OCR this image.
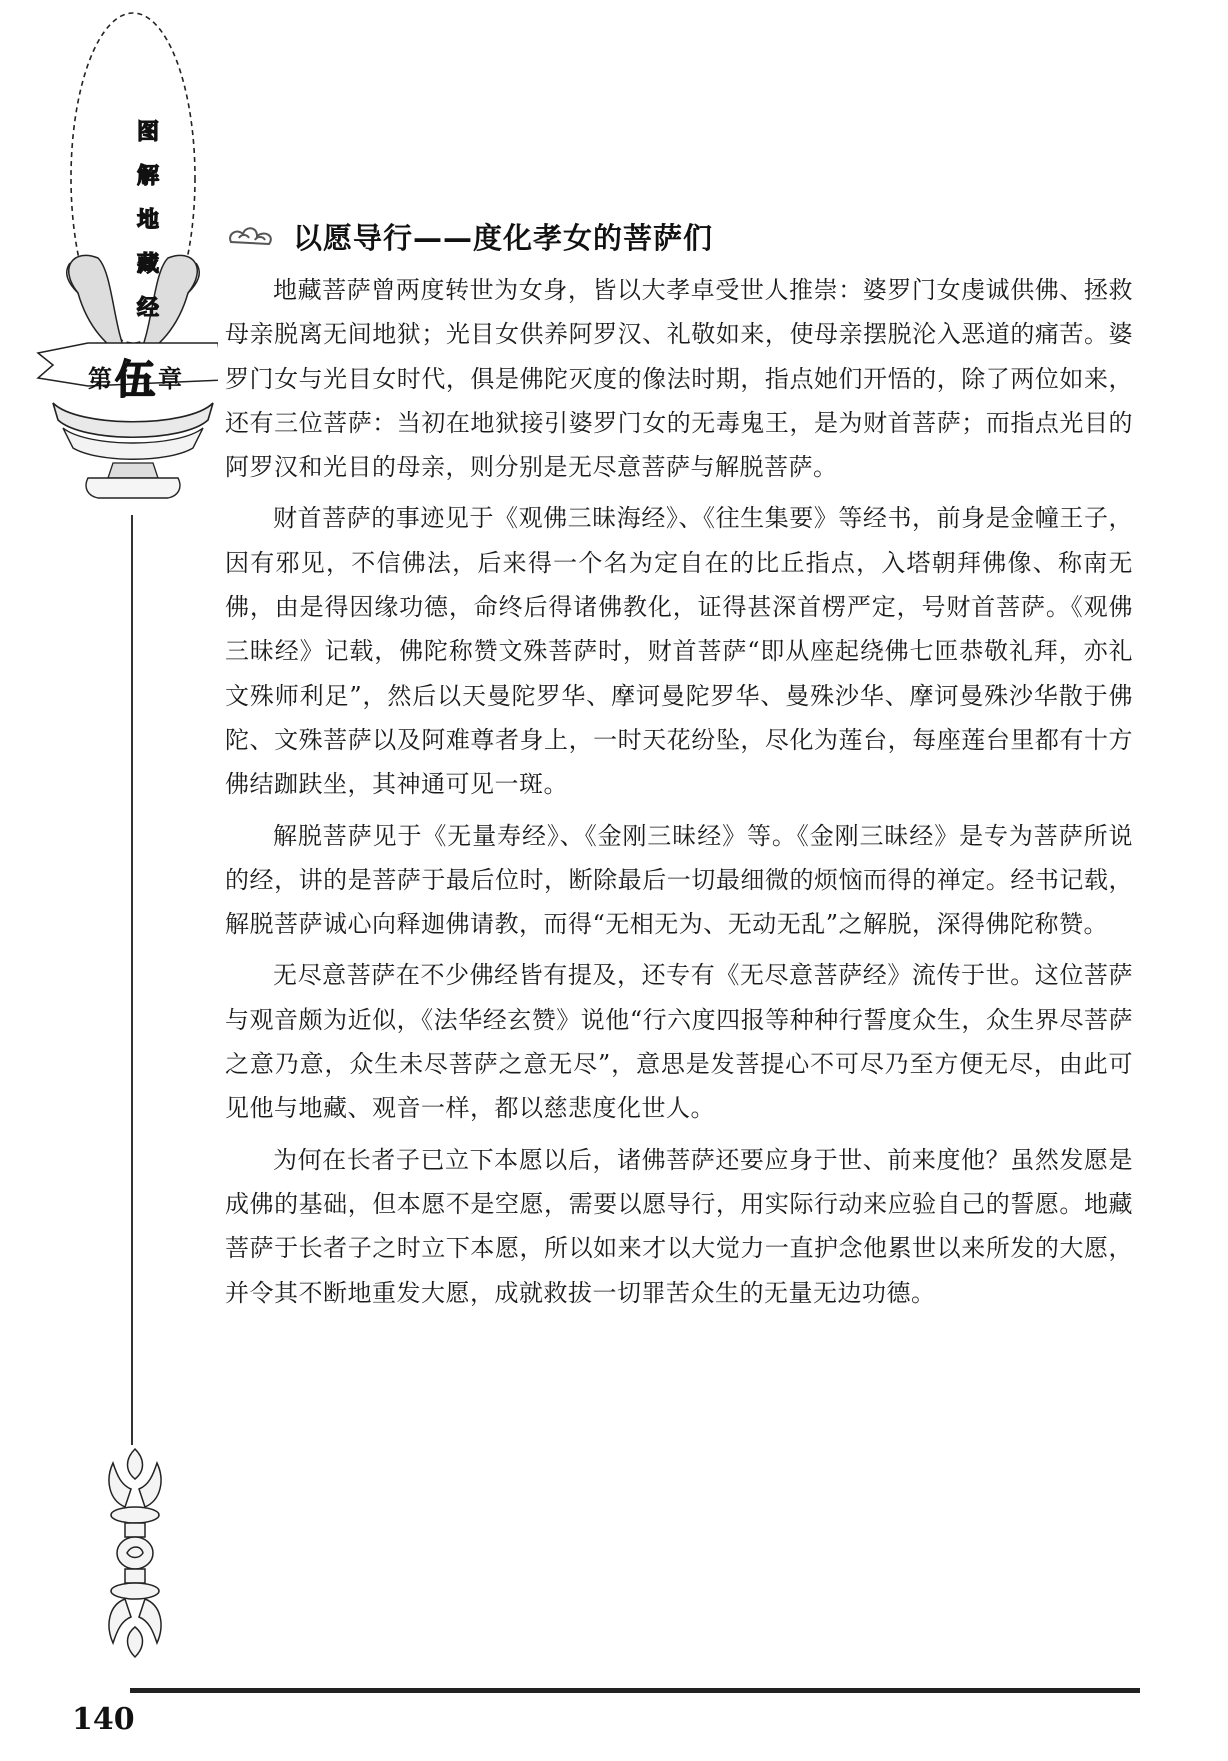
图
解
地
藏
经
第 伍 章
以愿导行——度化孝女的菩萨们

地藏菩萨曾两度转世为女身，皆以大孝卓受世人推崇：婆罗门女虔诚供佛、拯救母亲脱离无间地狱；光目女供养阿罗汉、礼敬如来，使母亲摆脱沦入恶道的痛苦。婆罗门女与光目女时代，俱是佛陀灭度的像法时期，指点她们开悟的，除了两位如来，还有三位菩萨：当初在地狱接引婆罗门女的无毒鬼王，是为财首菩萨；而指点光目的阿罗汉和光目的母亲，则分别是无尽意菩萨与解脱菩萨。

财首菩萨的事迹见于《观佛三昧海经》、《往生集要》等经书，前身是金幢王子，因有邪见，不信佛法，后来得一个名为定自在的比丘指点，入塔朝拜佛像、称南无佛，由是得因缘功德，命终后得诸佛教化，证得甚深首楞严定，号财首菩萨。《观佛三昧经》记载，佛陀称赞文殊菩萨时，财首菩萨“即从座起绕佛七匝恭敬礼拜，亦礼文殊师利足”，然后以天曼陀罗华、摩诃曼陀罗华、曼殊沙华、摩诃曼殊沙华散于佛陀、文殊菩萨以及阿难尊者身上，一时天花纷坠，尽化为莲台，每座莲台里都有十方佛结跏趺坐，其神通可见一斑。

解脱菩萨见于《无量寿经》、《金刚三昧经》等。《金刚三昧经》是专为菩萨所说的经，讲的是菩萨于最后位时，断除最后一切最细微的烦恼而得的禅定。经书记载，解脱菩萨诚心向释迦佛请教，而得“无相无为、无动无乱”之解脱，深得佛陀称赞。

无尽意菩萨在不少佛经皆有提及，还专有《无尽意菩萨经》流传于世。这位菩萨与观音颇为近似，《法华经玄赞》说他“行六度四报等种种行誓度众生，众生界尽菩萨之意乃意，众生未尽菩萨之意无尽”，意思是发菩提心不可尽乃至方便无尽，由此可见他与地藏、观音一样，都以慈悲度化世人。

为何在长者子已立下本愿以后，诸佛菩萨还要应身于世、前来度他？虽然发愿是成佛的基础，但本愿不是空愿，需要以愿导行，用实际行动来应验自己的誓愿。地藏菩萨于长者子之时立下本愿，所以如来才以大觉力一直护念他累世以来所发的大愿，并令其不断地重发大愿，成就救拔一切罪苦众生的无量无边功德。

140
